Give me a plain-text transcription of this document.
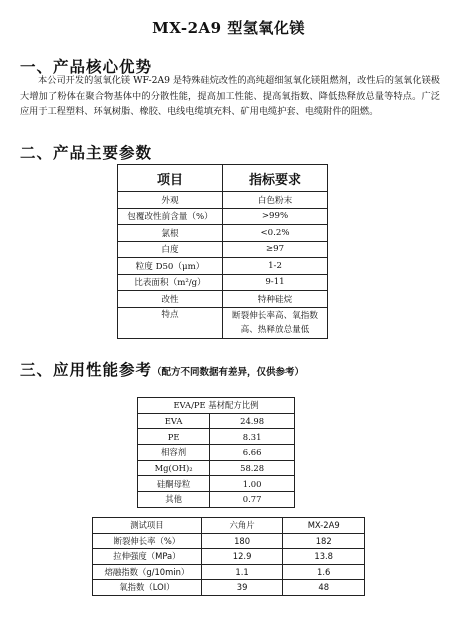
MX-2A9 型氢氧化镁
一、产品核心优势
本公司开发的氢氧化镁 WF-2A9 是特殊硅烷改性的高纯超细氢氧化镁阻燃剂，改性后的氢氧化镁极大增加了粉体在聚合物基体中的分散性能，提高加工性能、提高氧指数、降低热释放总量等特点。广泛应用于工程塑料、环氧树脂、橡胶、电线电缆填充料、矿用电缆护套、电缆附件的阻燃。
二、产品主要参数
项目	指标要求
外观	白色粉末
包覆改性前含量（%）	>99%
氯根	<0.2%
白度	≥97
粒度 D50（μm）	1-2
比表面积（m²/g）	9-11
改性	特种硅烷
特点	断裂伸长率高、氧指数高、热释放总量低
三、应用性能参考（配方不同数据有差异，仅供参考）
EVA/PE 基材配方比例	
EVA	24.98
PE	8.31
相容剂	6.66
Mg(OH)₂	58.28
硅酮母粒	1.00
其他	0.77
测试项目	六角片	MX-2A9
断裂伸长率（%）	180	182
拉伸强度（MPa）	12.9	13.8
熔融指数（g/10min）	1.1	1.6
氧指数（LOI）	39	48
